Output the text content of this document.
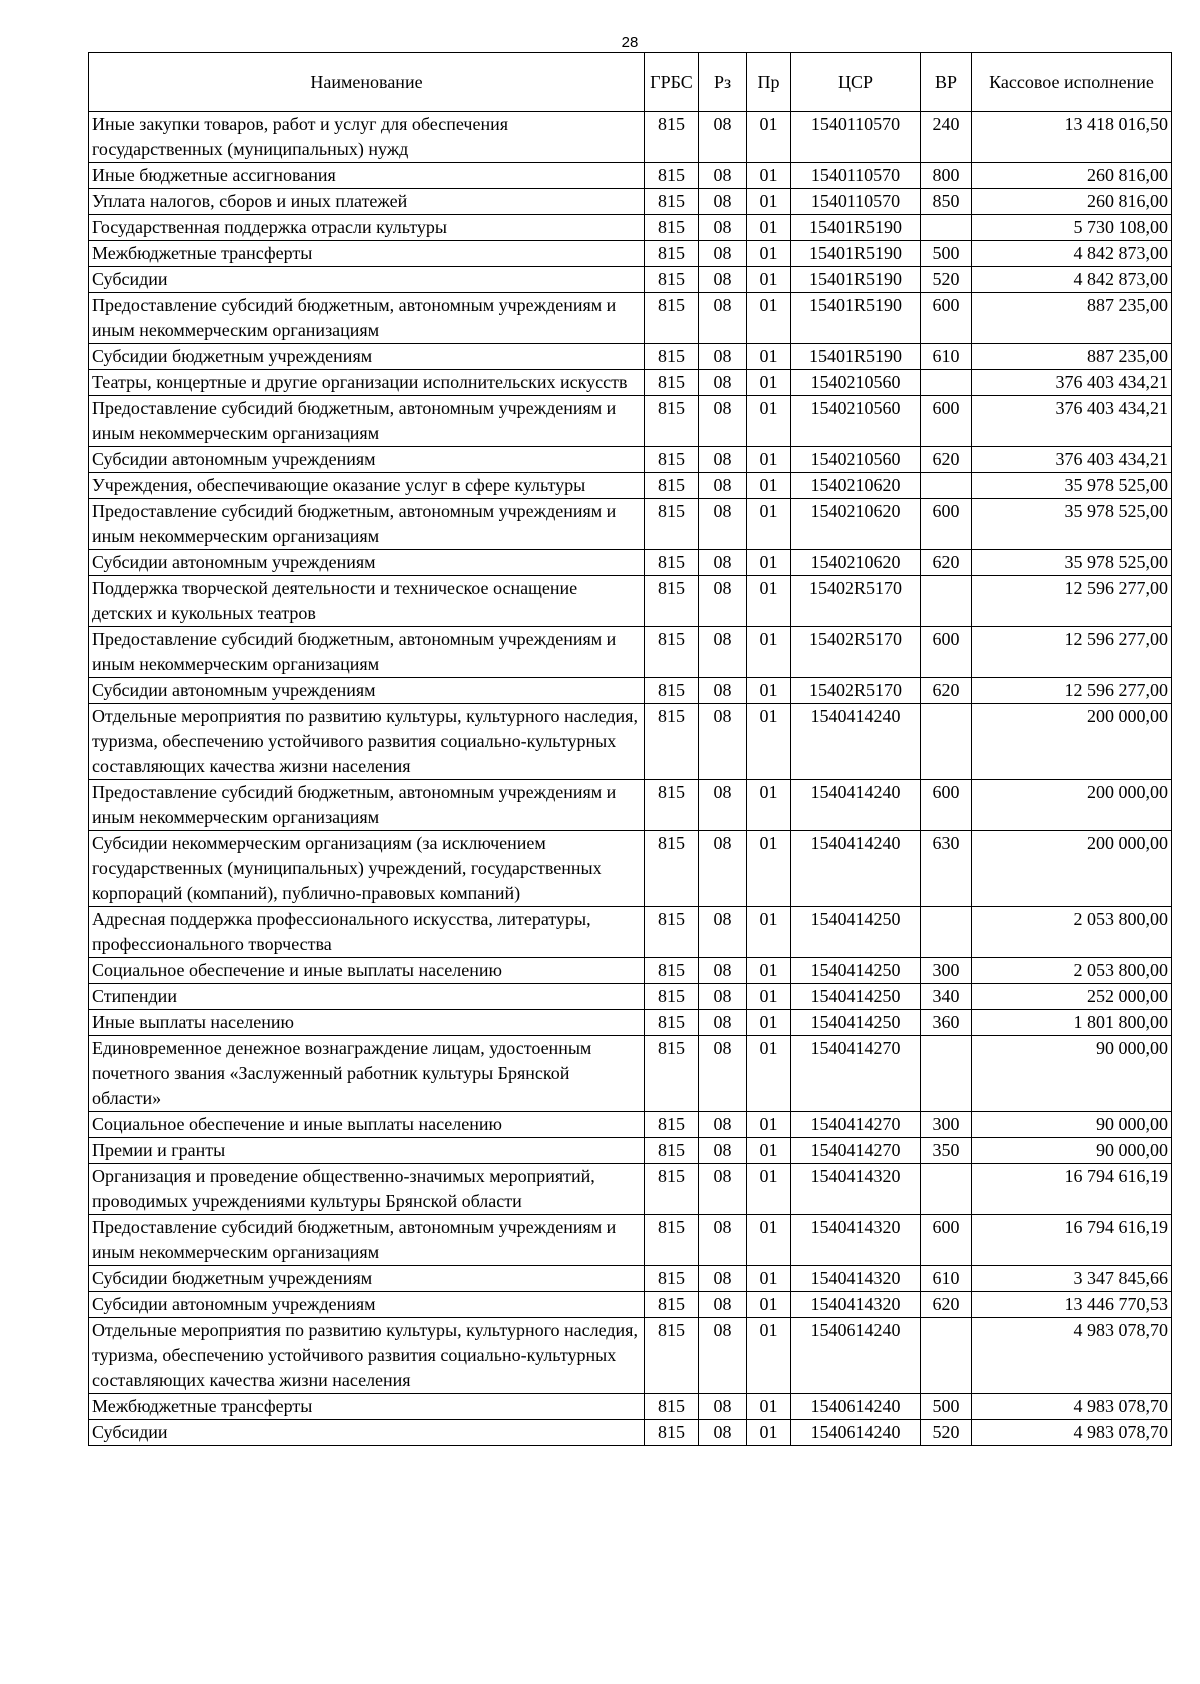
28
Наименование	ГРБС	Рз	Пр	ЦСР	ВР	Кассовое исполнение
Иные закупки товаров, работ и услуг для обеспечения государственных (муниципальных) нужд	815	08	01	1540110570	240	13 418 016,50
Иные бюджетные ассигнования	815	08	01	1540110570	800	260 816,00
Уплата налогов, сборов и иных платежей	815	08	01	1540110570	850	260 816,00
Государственная поддержка отрасли культуры	815	08	01	15401R5190		5 730 108,00
Межбюджетные трансферты	815	08	01	15401R5190	500	4 842 873,00
Субсидии	815	08	01	15401R5190	520	4 842 873,00
Предоставление субсидий бюджетным, автономным учреждениям и иным некоммерческим организациям	815	08	01	15401R5190	600	887 235,00
Субсидии бюджетным учреждениям	815	08	01	15401R5190	610	887 235,00
Театры, концертные и другие организации исполнительских искусств	815	08	01	1540210560		376 403 434,21
Предоставление субсидий бюджетным, автономным учреждениям и иным некоммерческим организациям	815	08	01	1540210560	600	376 403 434,21
Субсидии автономным учреждениям	815	08	01	1540210560	620	376 403 434,21
Учреждения, обеспечивающие оказание услуг в сфере культуры	815	08	01	1540210620		35 978 525,00
Предоставление субсидий бюджетным, автономным учреждениям и иным некоммерческим организациям	815	08	01	1540210620	600	35 978 525,00
Субсидии автономным учреждениям	815	08	01	1540210620	620	35 978 525,00
Поддержка творческой деятельности и техническое оснащение детских и кукольных театров	815	08	01	15402R5170		12 596 277,00
Предоставление субсидий бюджетным, автономным учреждениям и иным некоммерческим организациям	815	08	01	15402R5170	600	12 596 277,00
Субсидии автономным учреждениям	815	08	01	15402R5170	620	12 596 277,00
Отдельные мероприятия по развитию культуры, культурного наследия, туризма, обеспечению устойчивого развития социально-культурных составляющих качества жизни населения	815	08	01	1540414240		200 000,00
Предоставление субсидий бюджетным, автономным учреждениям и иным некоммерческим организациям	815	08	01	1540414240	600	200 000,00
Субсидии некоммерческим организациям (за исключением государственных (муниципальных) учреждений, государственных корпораций (компаний), публично-правовых компаний)	815	08	01	1540414240	630	200 000,00
Адресная поддержка профессионального искусства, литературы, профессионального творчества	815	08	01	1540414250		2 053 800,00
Социальное обеспечение и иные выплаты населению	815	08	01	1540414250	300	2 053 800,00
Стипендии	815	08	01	1540414250	340	252 000,00
Иные выплаты населению	815	08	01	1540414250	360	1 801 800,00
Единовременное денежное вознаграждение лицам, удостоенным почетного звания «Заслуженный работник культуры Брянской области»	815	08	01	1540414270		90 000,00
Социальное обеспечение и иные выплаты населению	815	08	01	1540414270	300	90 000,00
Премии и гранты	815	08	01	1540414270	350	90 000,00
Организация и проведение общественно-значимых мероприятий, проводимых учреждениями культуры Брянской области	815	08	01	1540414320		16 794 616,19
Предоставление субсидий бюджетным, автономным учреждениям и иным некоммерческим организациям	815	08	01	1540414320	600	16 794 616,19
Субсидии бюджетным учреждениям	815	08	01	1540414320	610	3 347 845,66
Субсидии автономным учреждениям	815	08	01	1540414320	620	13 446 770,53
Отдельные мероприятия по развитию культуры, культурного наследия, туризма, обеспечению устойчивого развития социально-культурных составляющих качества жизни населения	815	08	01	1540614240		4 983 078,70
Межбюджетные трансферты	815	08	01	1540614240	500	4 983 078,70
Субсидии	815	08	01	1540614240	520	4 983 078,70
